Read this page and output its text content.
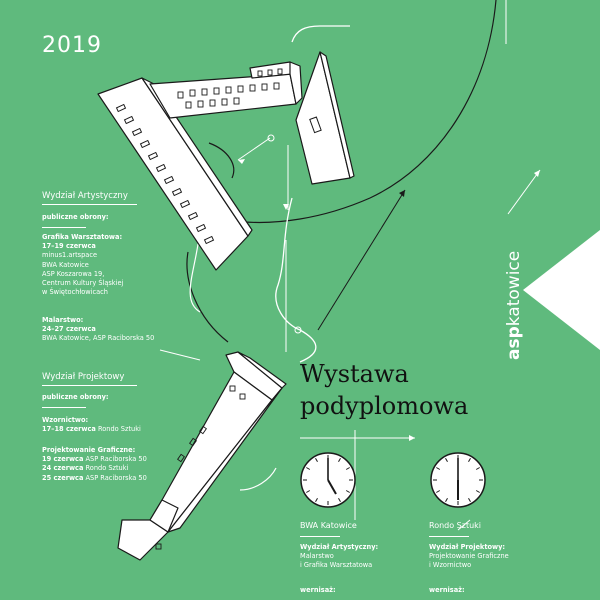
2019
aspkatowice
Wydział Artystyczny
publiczne obrony:
Grafika Warsztatowa:
17–19 czerwca
minus1.artspace
BWA Katowice
ASP Koszarowa 19,
Centrum Kultury Śląskiej
w Świętochłowicach
Malarstwo:
24–27 czerwca
BWA Katowice, ASP Raciborska 50
Wydział Projektowy
publiczne obrony:
Wzornictwo:
17–18 czerwca Rondo Sztuki
Projektowanie Graficzne:
19 czerwca ASP Raciborska 50
24 czerwca Rondo Sztuki
25 czerwca ASP Raciborska 50
Wystawa
podyplomowa
BWA Katowice
Wydział Artystyczny:
Malarstwo
i Grafika Warsztatowa
wernisaż:
Rondo Sztuki
Wydział Projektowy:
Projektowanie Graficzne
i Wzornictwo
wernisaż:
